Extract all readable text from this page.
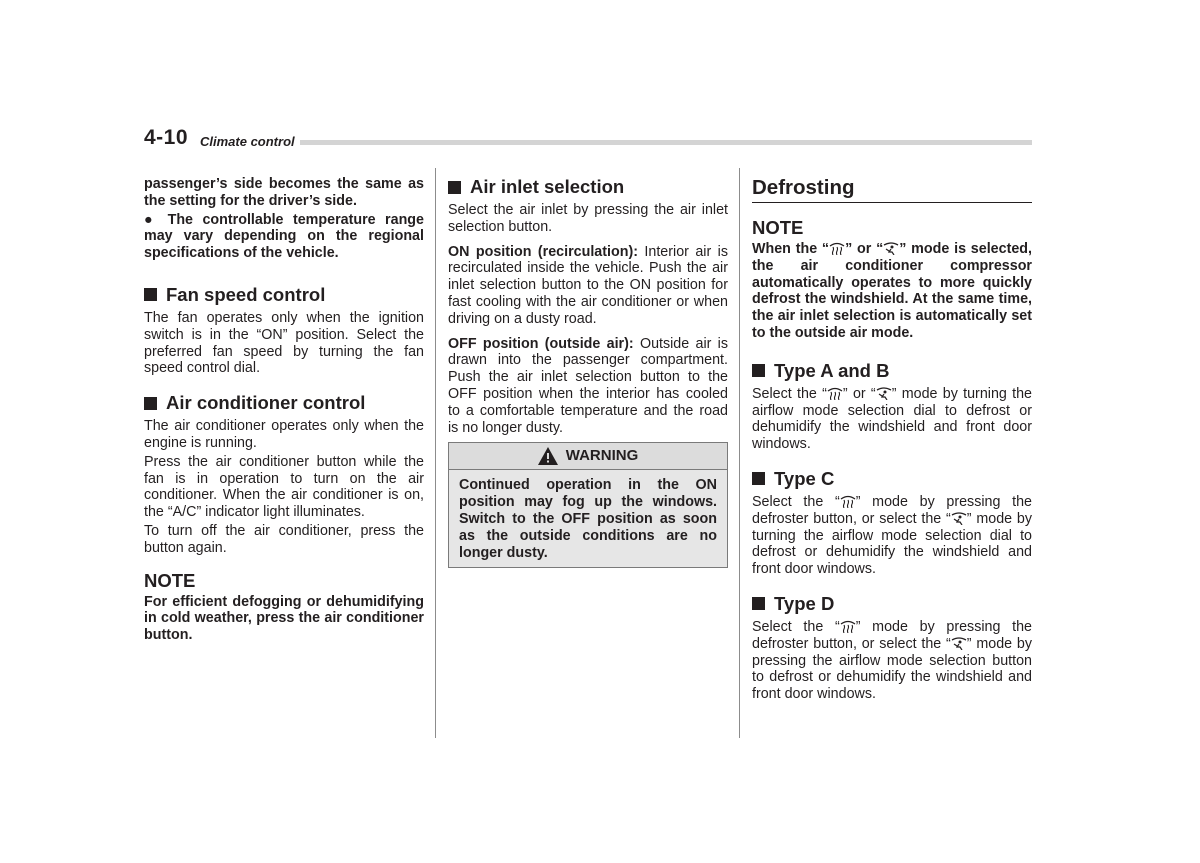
4-10 Climate control

passenger’s side becomes the same as the setting for the driver’s side.

● The controllable temperature range may vary depending on the regional specifications of the vehicle.

Fan speed control

The fan operates only when the ignition switch is in the “ON” position. Select the preferred fan speed by turning the fan speed control dial.

Air conditioner control

The air conditioner operates only when the engine is running.

Press the air conditioner button while the fan is in operation to turn on the air conditioner. When the air conditioner is on, the “A/C” indicator light illuminates.

To turn off the air conditioner, press the button again.

NOTE

For efficient defogging or dehumidifying in cold weather, press the air conditioner button.

Air inlet selection

Select the air inlet by pressing the air inlet selection button.

ON position (recirculation): Interior air is recirculated inside the vehicle. Push the air inlet selection button to the ON position for fast cooling with the air conditioner or when driving on a dusty road.

OFF position (outside air): Outside air is drawn into the passenger compartment. Push the air inlet selection button to the OFF position when the interior has cooled to a comfortable temperature and the road is no longer dusty.

WARNING
Continued operation in the ON position may fog up the windows. Switch to the OFF position as soon as the outside conditions are no longer dusty.
Defrosting
NOTE

When the “ ” or “ ” mode is selected, the air conditioner compressor automatically operates to more quickly defrost the windshield. At the same time, the air inlet selection is automatically set to the outside air mode.

Type A and B

Select the “ ” or “ ” mode by turning the airflow mode selection dial to defrost or dehumidify the windshield and front door windows.

Type C

Select the “ ” mode by pressing the defroster button, or select the “ ” mode by turning the airflow mode selection dial to defrost or dehumidify the windshield and front door windows.

Type D

Select the “ ” mode by pressing the defroster button, or select the “ ” mode by pressing the airflow mode selection button to defrost or dehumidify the windshield and front door windows.
